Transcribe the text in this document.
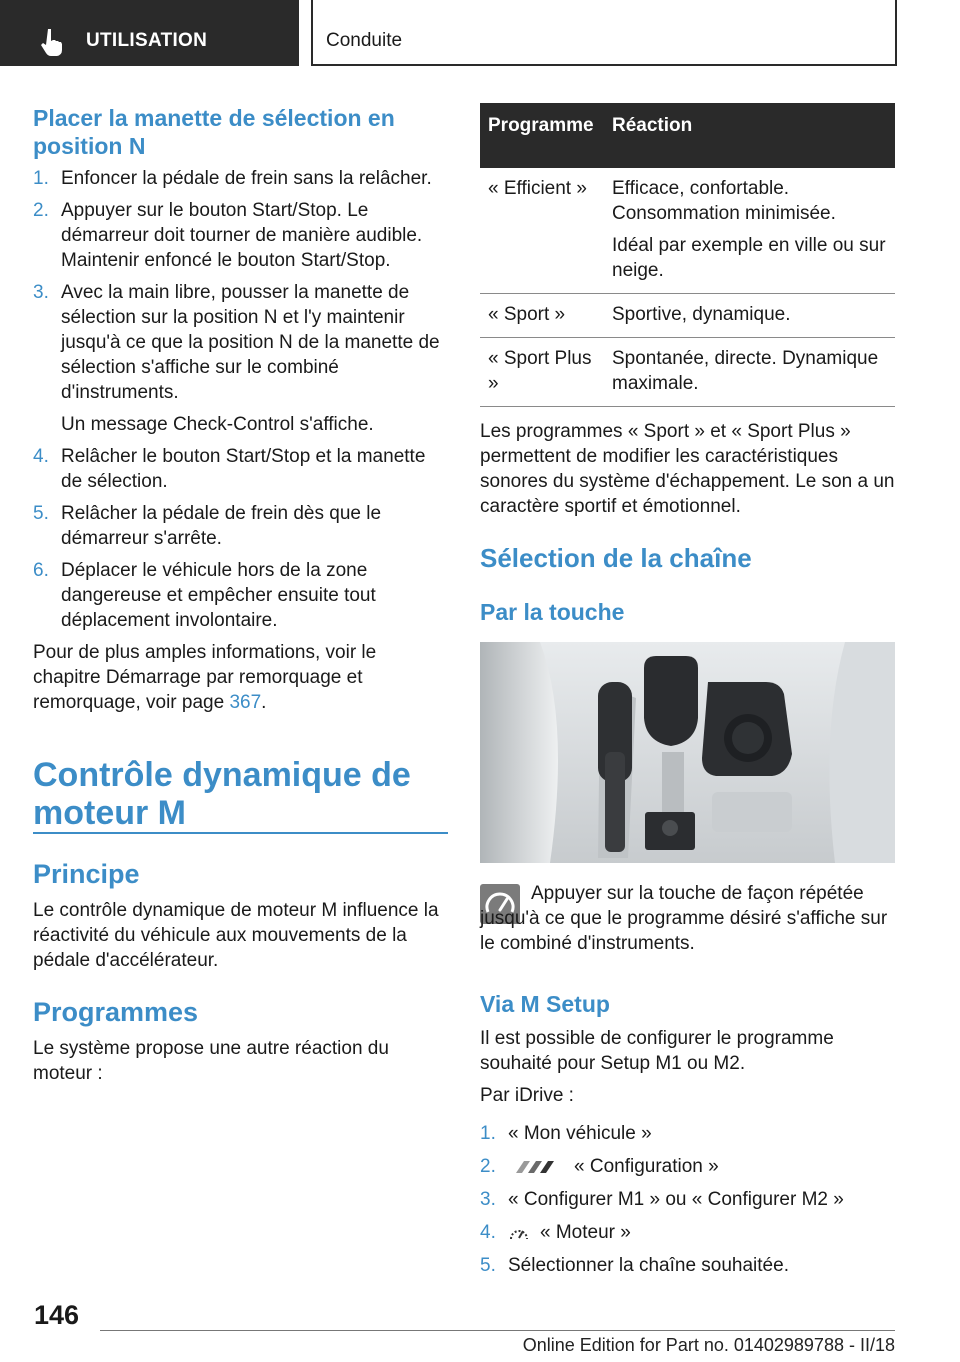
UTILISATION	Conduite
Placer la manette de sélection en position N
1. Enfoncer la pédale de frein sans la relâcher.

2. Appuyer sur le bouton Start/Stop. Le démarreur doit tourner de manière audible. Maintenir enfoncé le bouton Start/Stop.

3. Avec la main libre, pousser la manette de sélection sur la position N et l'y maintenir jusqu'à ce que la position N de la manette de sélection s'affiche sur le combiné d'instruments.

Un message Check-Control s'affiche.

4. Relâcher le bouton Start/Stop et la manette de sélection.

5. Relâcher la pédale de frein dès que le démarreur s'arrête.

6. Déplacer le véhicule hors de la zone dangereuse et empêcher ensuite tout déplacement involontaire.

Pour de plus amples informations, voir le chapitre Démarrage par remorquage et remorquage, voir page 367.
Contrôle dynamique de moteur M
Principe
Le contrôle dynamique de moteur M influence la réactivité du véhicule aux mouvements de la pédale d'accélérateur.
Programmes
Le système propose une autre réaction du moteur :
Programme	Réaction
« Efficient »	Efficace, confortable. Consommation minimisée.

Idéal par exemple en ville ou sur neige.

« Sport »	Sportive, dynamique.
« Sport Plus »	Spontanée, directe. Dynamique maximale.
Les programmes « Sport » et « Sport Plus » permettent de modifier les caractéristiques sonores du système d'échappement. Le son a un caractère sportif et émotionnel.
Sélection de la chaîne
Par la touche
Appuyer sur la touche de façon répétée jusqu'à ce que le programme désiré s'affiche sur le combiné d'instruments.
Via M Setup
Il est possible de configurer le programme souhaité pour Setup M1 ou M2.
Par iDrive :
1. « Mon véhicule »
2.	« Configuration »
3. « Configurer M1 » ou « Configurer M2 »
4.	« Moteur »
5. Sélectionner la chaîne souhaitée.
146
Online Edition for Part no. 01402989788 - II/18
